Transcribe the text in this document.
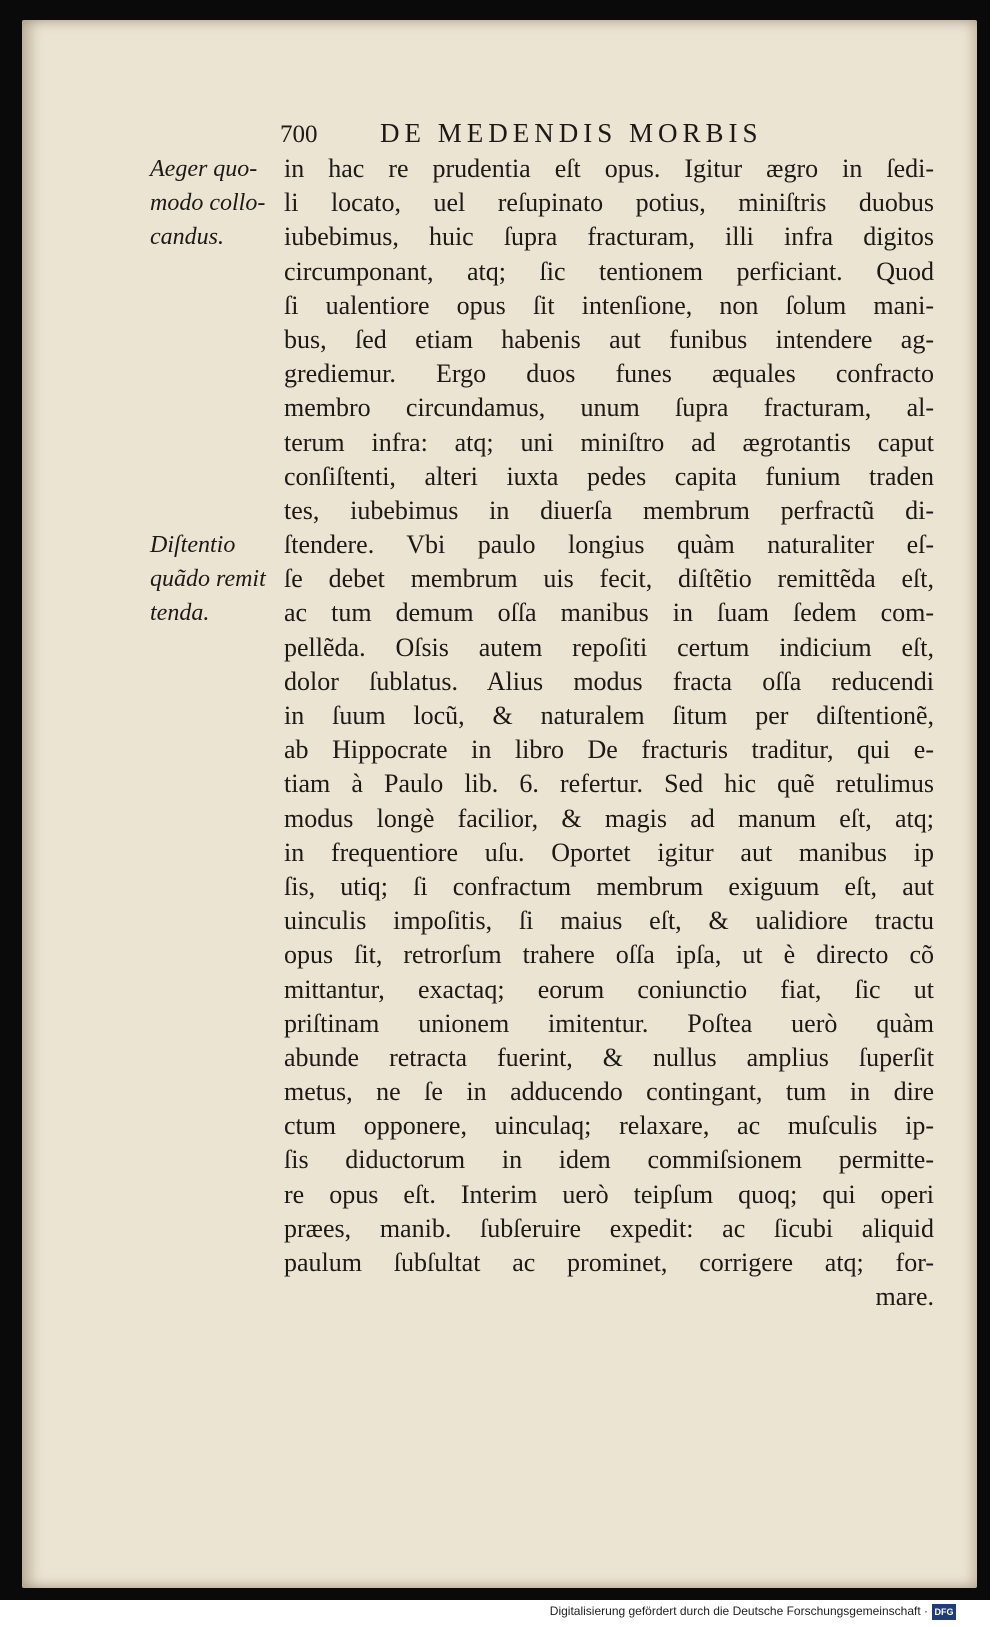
700	DE MEDENDIS MORBIS
Aeger quo-
modo collo-
candus.
Diſtentio
quãdo remit
tenda.
in hac re prudentia eſt opus. Igitur ægro in ſedi-
li locato, uel reſupinato potius, miniſtris duobus
iubebimus, huic ſupra fracturam, illi infra digitos
circumponant, atq; ſic tentionem perficiant. Quod
ſi ualentiore opus ſit intenſione, non ſolum mani-
bus, ſed etiam habenis aut funibus intendere ag-
grediemur. Ergo duos funes æquales confracto
membro circundamus, unum ſupra fracturam, al-
terum infra: atq; uni miniſtro ad ægrotantis caput
conſiſtenti, alteri iuxta pedes capita funium traden
tes, iubebimus in diuerſa membrum perfractũ di-
ſtendere. Vbi paulo longius quàm naturaliter eſ-
ſe debet membrum uis fecit, diſtẽtio remittẽda eſt,
ac tum demum oſſa manibus in ſuam ſedem com-
pellẽda. Oſsis autem repoſiti certum indicium eſt,
dolor ſublatus. Alius modus fracta oſſa reducendi
in ſuum locũ, & naturalem ſitum per diſtentionẽ,
ab Hippocrate in libro De fracturis traditur, qui e-
tiam à Paulo lib. 6. refertur. Sed hic quẽ retulimus
modus longè facilior, & magis ad manum eſt, atq;
in frequentiore uſu. Oportet igitur aut manibus ip
ſis, utiq; ſi confractum membrum exiguum eſt, aut
uinculis impoſitis, ſi maius eſt, & ualidiore tractu
opus ſit, retrorſum trahere oſſa ipſa, ut è directo cõ
mittantur, exactaq; eorum coniunctio fiat, ſic ut
priſtinam unionem imitentur. Poſtea uerò quàm
abunde retracta fuerint, & nullus amplius ſuperſit
metus, ne ſe in adducendo contingant, tum in dire
ctum opponere, uinculaq; relaxare, ac muſculis ip-
ſis diductorum in idem commiſsionem permitte-
re opus eſt. Interim uerò teipſum quoq; qui operi
præes, manib. ſubſeruire expedit: ac ſicubi aliquid
paulum ſubſultat ac prominet, corrigere atq; for-
mare.
Digitalisierung gefördert durch die Deutsche Forschungsgemeinschaft · DFG
